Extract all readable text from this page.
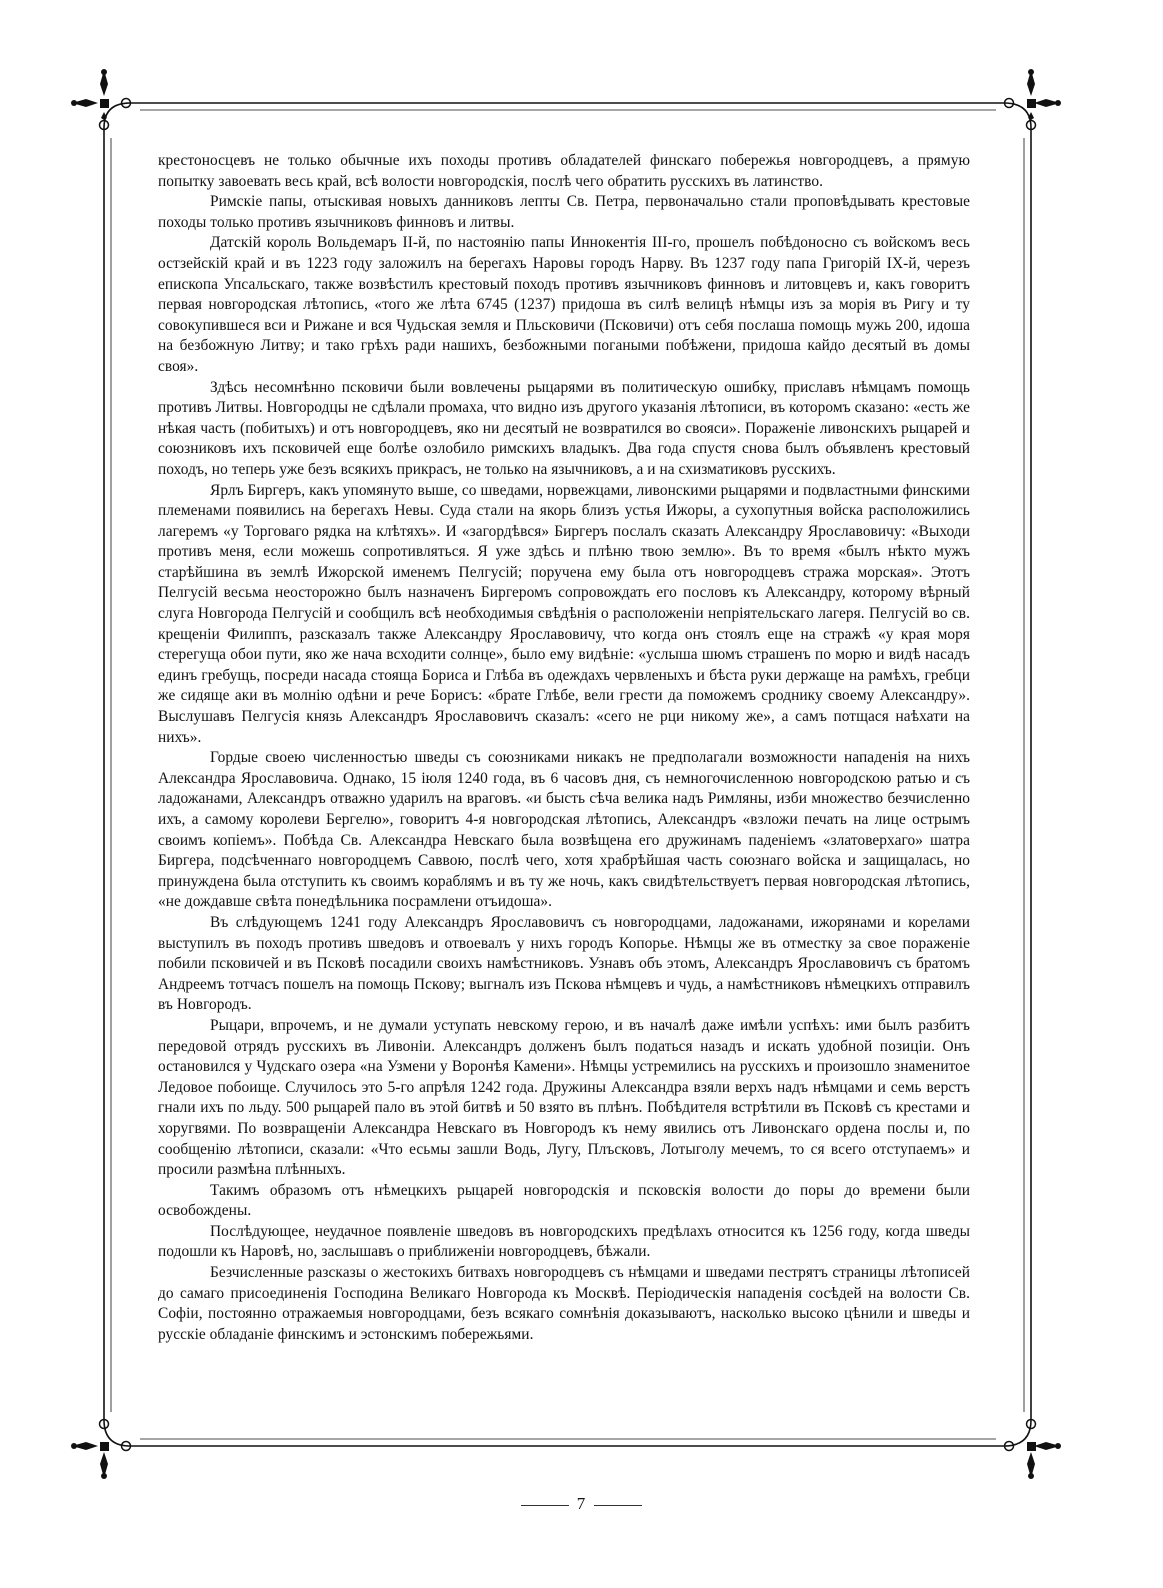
крестоносцевъ не только обычные ихъ походы противъ обладателей финскаго побережья новгородцевъ, а прямую попытку завоевать весь край, всѣ волости новгородскія, послѣ чего обратить русскихъ въ латинство.

Римскіе папы, отыскивая новыхъ данниковъ лепты Св. Петра, первоначально стали проповѣдывать крестовые походы только противъ язычниковъ финновъ и литвы.

Датскій король Вольдемаръ II-й, по настоянію папы Иннокентія III-го, прошелъ побѣдоносно съ войскомъ весь остзейскій край и въ 1223 году заложилъ на берегахъ Наровы городъ Нарву. Въ 1237 году папа Григорій IX-й, черезъ епископа Упсальскаго, также возвѣстилъ крестовый походъ противъ язычниковъ финновъ и литовцевъ и, какъ говоритъ первая новгородская лѣтопись, «того же лѣта 6745 (1237) придоша въ силѣ велицѣ нѣмцы изъ за морія въ Ригу и ту совокупившеся вси и Рижане и вся Чудьская земля и Пльсковичи (Псковичи) отъ себя послаша помощь мужь 200, идоша на безбожную Литву; и тако грѣхъ ради нашихъ, безбожными погаными побѣжени, придоша кайдо десятый въ домы своя».

Здѣсь несомнѣнно псковичи были вовлечены рыцарями въ политическую ошибку, приславъ нѣмцамъ помощь противъ Литвы. Новгородцы не сдѣлали промаха, что видно изъ другого указанія лѣтописи, въ которомъ сказано: «есть же нѣкая часть (побитыхъ) и отъ новгородцевъ, яко ни десятый не возвратился во свояси». Пораженіе ливонскихъ рыцарей и союзниковъ ихъ псковичей еще болѣе озлобило римскихъ владыкъ. Два года спустя снова былъ объявленъ крестовый походъ, но теперь уже безъ всякихъ прикрасъ, не только на язычниковъ, а и на схизматиковъ русскихъ.

Ярлъ Биргеръ, какъ упомянуто выше, со шведами, норвежцами, ливонскими рыцарями и подвластными финскими племенами появились на берегахъ Невы. Суда стали на якорь близъ устья Ижоры, а сухопутныя войска расположились лагеремъ «у Торговаго рядка на клѣтяхъ». И «загордѣвся» Биргеръ послалъ сказать Александру Ярославовичу: «Выходи противъ меня, если можешь сопротивляться. Я уже здѣсь и плѣню твою землю». Въ то время «былъ нѣкто мужъ старѣйшина въ землѣ Ижорской именемъ Пелгусій; поручена ему была отъ новгородцевъ стража морская». Этотъ Пелгусій весьма неосторожно былъ назначенъ Биргеромъ сопровождать его пословъ къ Александру, которому вѣрный слуга Новгорода Пелгусій и сообщилъ всѣ необходимыя свѣдѣнія о расположеніи непріятельскаго лагеря. Пелгусій во св. крещеніи Филиппъ, разсказалъ также Александру Ярославовичу, что когда онъ стоялъ еще на стражѣ «у края моря стерегуща обои пути, яко же нача всходити солнце», было ему видѣніе: «услыша шюмъ страшенъ по морю и видѣ насадъ единъ гребущь, посреди насада стояща Бориса и Глѣба въ одеждахъ червленыхъ и бѣста руки держаще на рамѣхъ, гребци же сидяще аки въ молнію одѣни и рече Борисъ: «брате Глѣбе, вели грести да поможемъ сроднику своему Александру». Выслушавъ Пелгусія князь Александръ Ярославовичъ сказалъ: «сего не рци никому же», а самъ потщася наѣхати на нихъ».

Гордые своею численностью шведы съ союзниками никакъ не предполагали возможности нападенія на нихъ Александра Ярославовича. Однако, 15 іюля 1240 года, въ 6 часовъ дня, съ немногочисленною новгородскою ратью и съ ладожанами, Александръ отважно ударилъ на враговъ. «и бысть сѣча велика надъ Римляны, изби множество безчисленно ихъ, а самому королеви Бергелю», говоритъ 4-я новгородская лѣтопись, Александръ «взложи печать на лице острымъ своимъ копіемъ». Побѣда Св. Александра Невскаго была возвѣщена его дружинамъ паденіемъ «златоверхаго» шатра Биргера, подсѣченнаго новгородцемъ Саввою, послѣ чего, хотя храбрѣйшая часть союзнаго войска и защищалась, но принуждена была отступить къ своимъ кораблямъ и въ ту же ночь, какъ свидѣтельствуетъ первая новгородская лѣтопись, «не дождавше свѣта понедѣльника посрамлени отъидоша».

Въ слѣдующемъ 1241 году Александръ Ярославовичъ съ новгородцами, ладожанами, ижорянами и корелами выступилъ въ походъ противъ шведовъ и отвоевалъ у нихъ городъ Копорье. Нѣмцы же въ отместку за свое пораженіе побили псковичей и въ Псковѣ посадили своихъ намѣстниковъ. Узнавъ объ этомъ, Александръ Ярославовичъ съ братомъ Андреемъ тотчасъ пошелъ на помощь Пскову; выгналъ изъ Пскова нѣмцевъ и чудь, а намѣстниковъ нѣмецкихъ отправилъ въ Новгородъ.

Рыцари, впрочемъ, и не думали уступать невскому герою, и въ началѣ даже имѣли успѣхъ: ими былъ разбитъ передовой отрядъ русскихъ въ Ливоніи. Александръ долженъ былъ податься назадъ и искать удобной позиціи. Онъ остановился у Чудскаго озера «на Узмени у Воронѣя Камени». Нѣмцы устремились на русскихъ и произошло знаменитое Ледовое побоище. Случилось это 5-го апрѣля 1242 года. Дружины Александра взяли верхъ надъ нѣмцами и семь верстъ гнали ихъ по льду. 500 рыцарей пало въ этой битвѣ и 50 взято въ плѣнъ. Побѣдителя встрѣтили въ Псковѣ съ крестами и хоругвями. По возвращеніи Александра Невскаго въ Новгородъ къ нему явились отъ Ливонскаго ордена послы и, по сообщенію лѣтописи, сказали: «Что есьмы зашли Водь, Лугу, Плъсковъ, Лотыголу мечемъ, то ся всего отступаемъ» и просили размѣна плѣнныхъ.

Такимъ образомъ отъ нѣмецкихъ рыцарей новгородскія и псковскія волости до поры до времени были освобождены.

Послѣдующее, неудачное появленіе шведовъ въ новгородскихъ предѣлахъ относится къ 1256 году, когда шведы подошли къ Наровѣ, но, заслышавъ о приближеніи новгородцевъ, бѣжали.

Безчисленные разсказы о жестокихъ битвахъ новгородцевъ съ нѣмцами и шведами пестрятъ страницы лѣтописей до самаго присоединенія Господина Великаго Новгорода къ Москвѣ. Періодическія нападенія сосѣдей на волости Св. Софіи, постоянно отражаемыя новгородцами, безъ всякаго сомнѣнія доказываютъ, насколько высоко цѣнили и шведы и русскіе обладаніе финскимъ и эстонскимъ побережьями.

7
